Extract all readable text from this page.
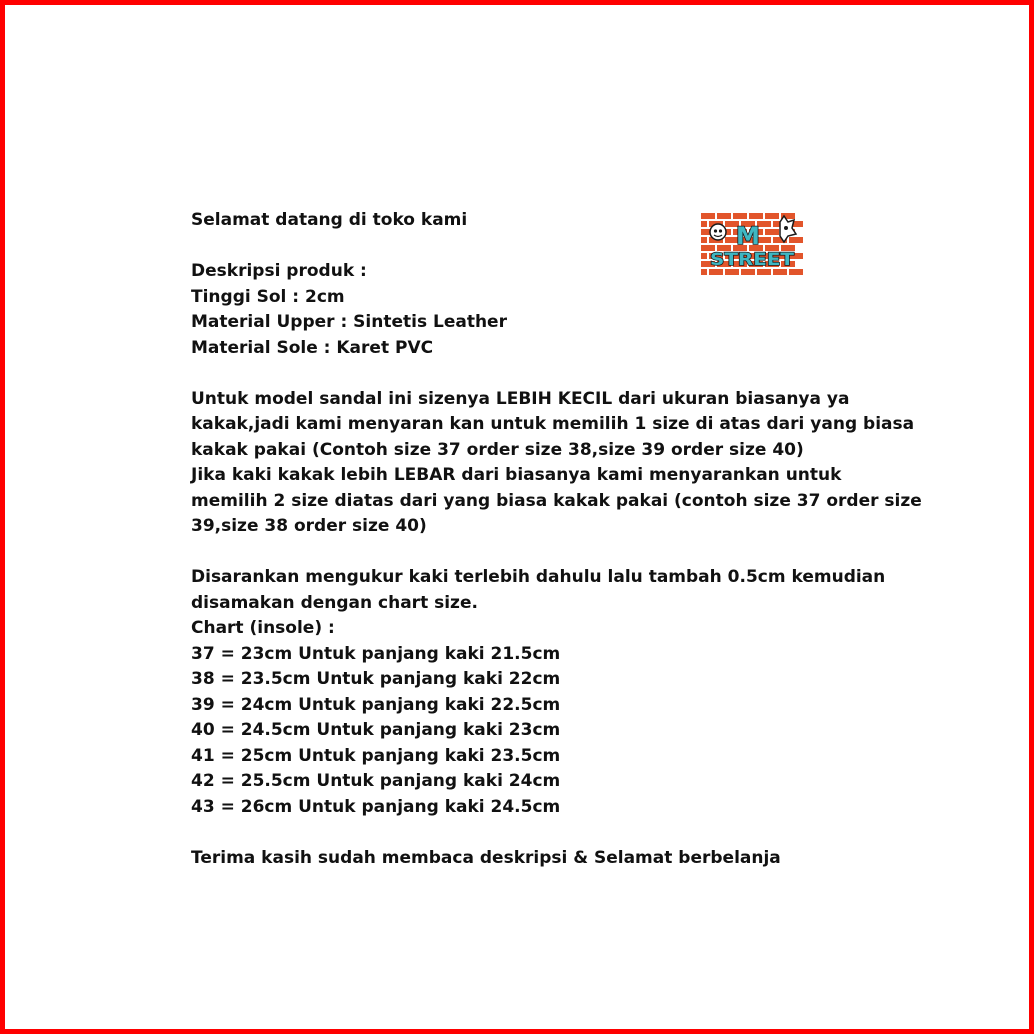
M
STREET
Selamat datang di toko kami
Deskripsi produk :
Tinggi Sol : 2cm
Material Upper : Sintetis Leather
Material Sole : Karet PVC
Untuk model sandal ini sizenya LEBIH KECIL dari ukuran biasanya ya
kakak,jadi kami menyaran kan untuk memilih 1 size di atas dari yang biasa
kakak pakai (Contoh size 37 order size 38,size 39 order size 40)
Jika kaki kakak lebih LEBAR dari biasanya kami menyarankan untuk
memilih 2 size diatas dari yang biasa kakak pakai (contoh size 37 order size
39,size 38 order size 40)
Disarankan mengukur kaki terlebih dahulu lalu tambah 0.5cm kemudian
disamakan dengan chart size.
Chart (insole) :
37 = 23cm Untuk panjang kaki 21.5cm
38 = 23.5cm Untuk panjang kaki 22cm
39 = 24cm Untuk panjang kaki 22.5cm
40 = 24.5cm Untuk panjang kaki 23cm
41 = 25cm Untuk panjang kaki 23.5cm
42 = 25.5cm Untuk panjang kaki 24cm
43 = 26cm Untuk panjang kaki 24.5cm
Terima kasih sudah membaca deskripsi & Selamat berbelanja
